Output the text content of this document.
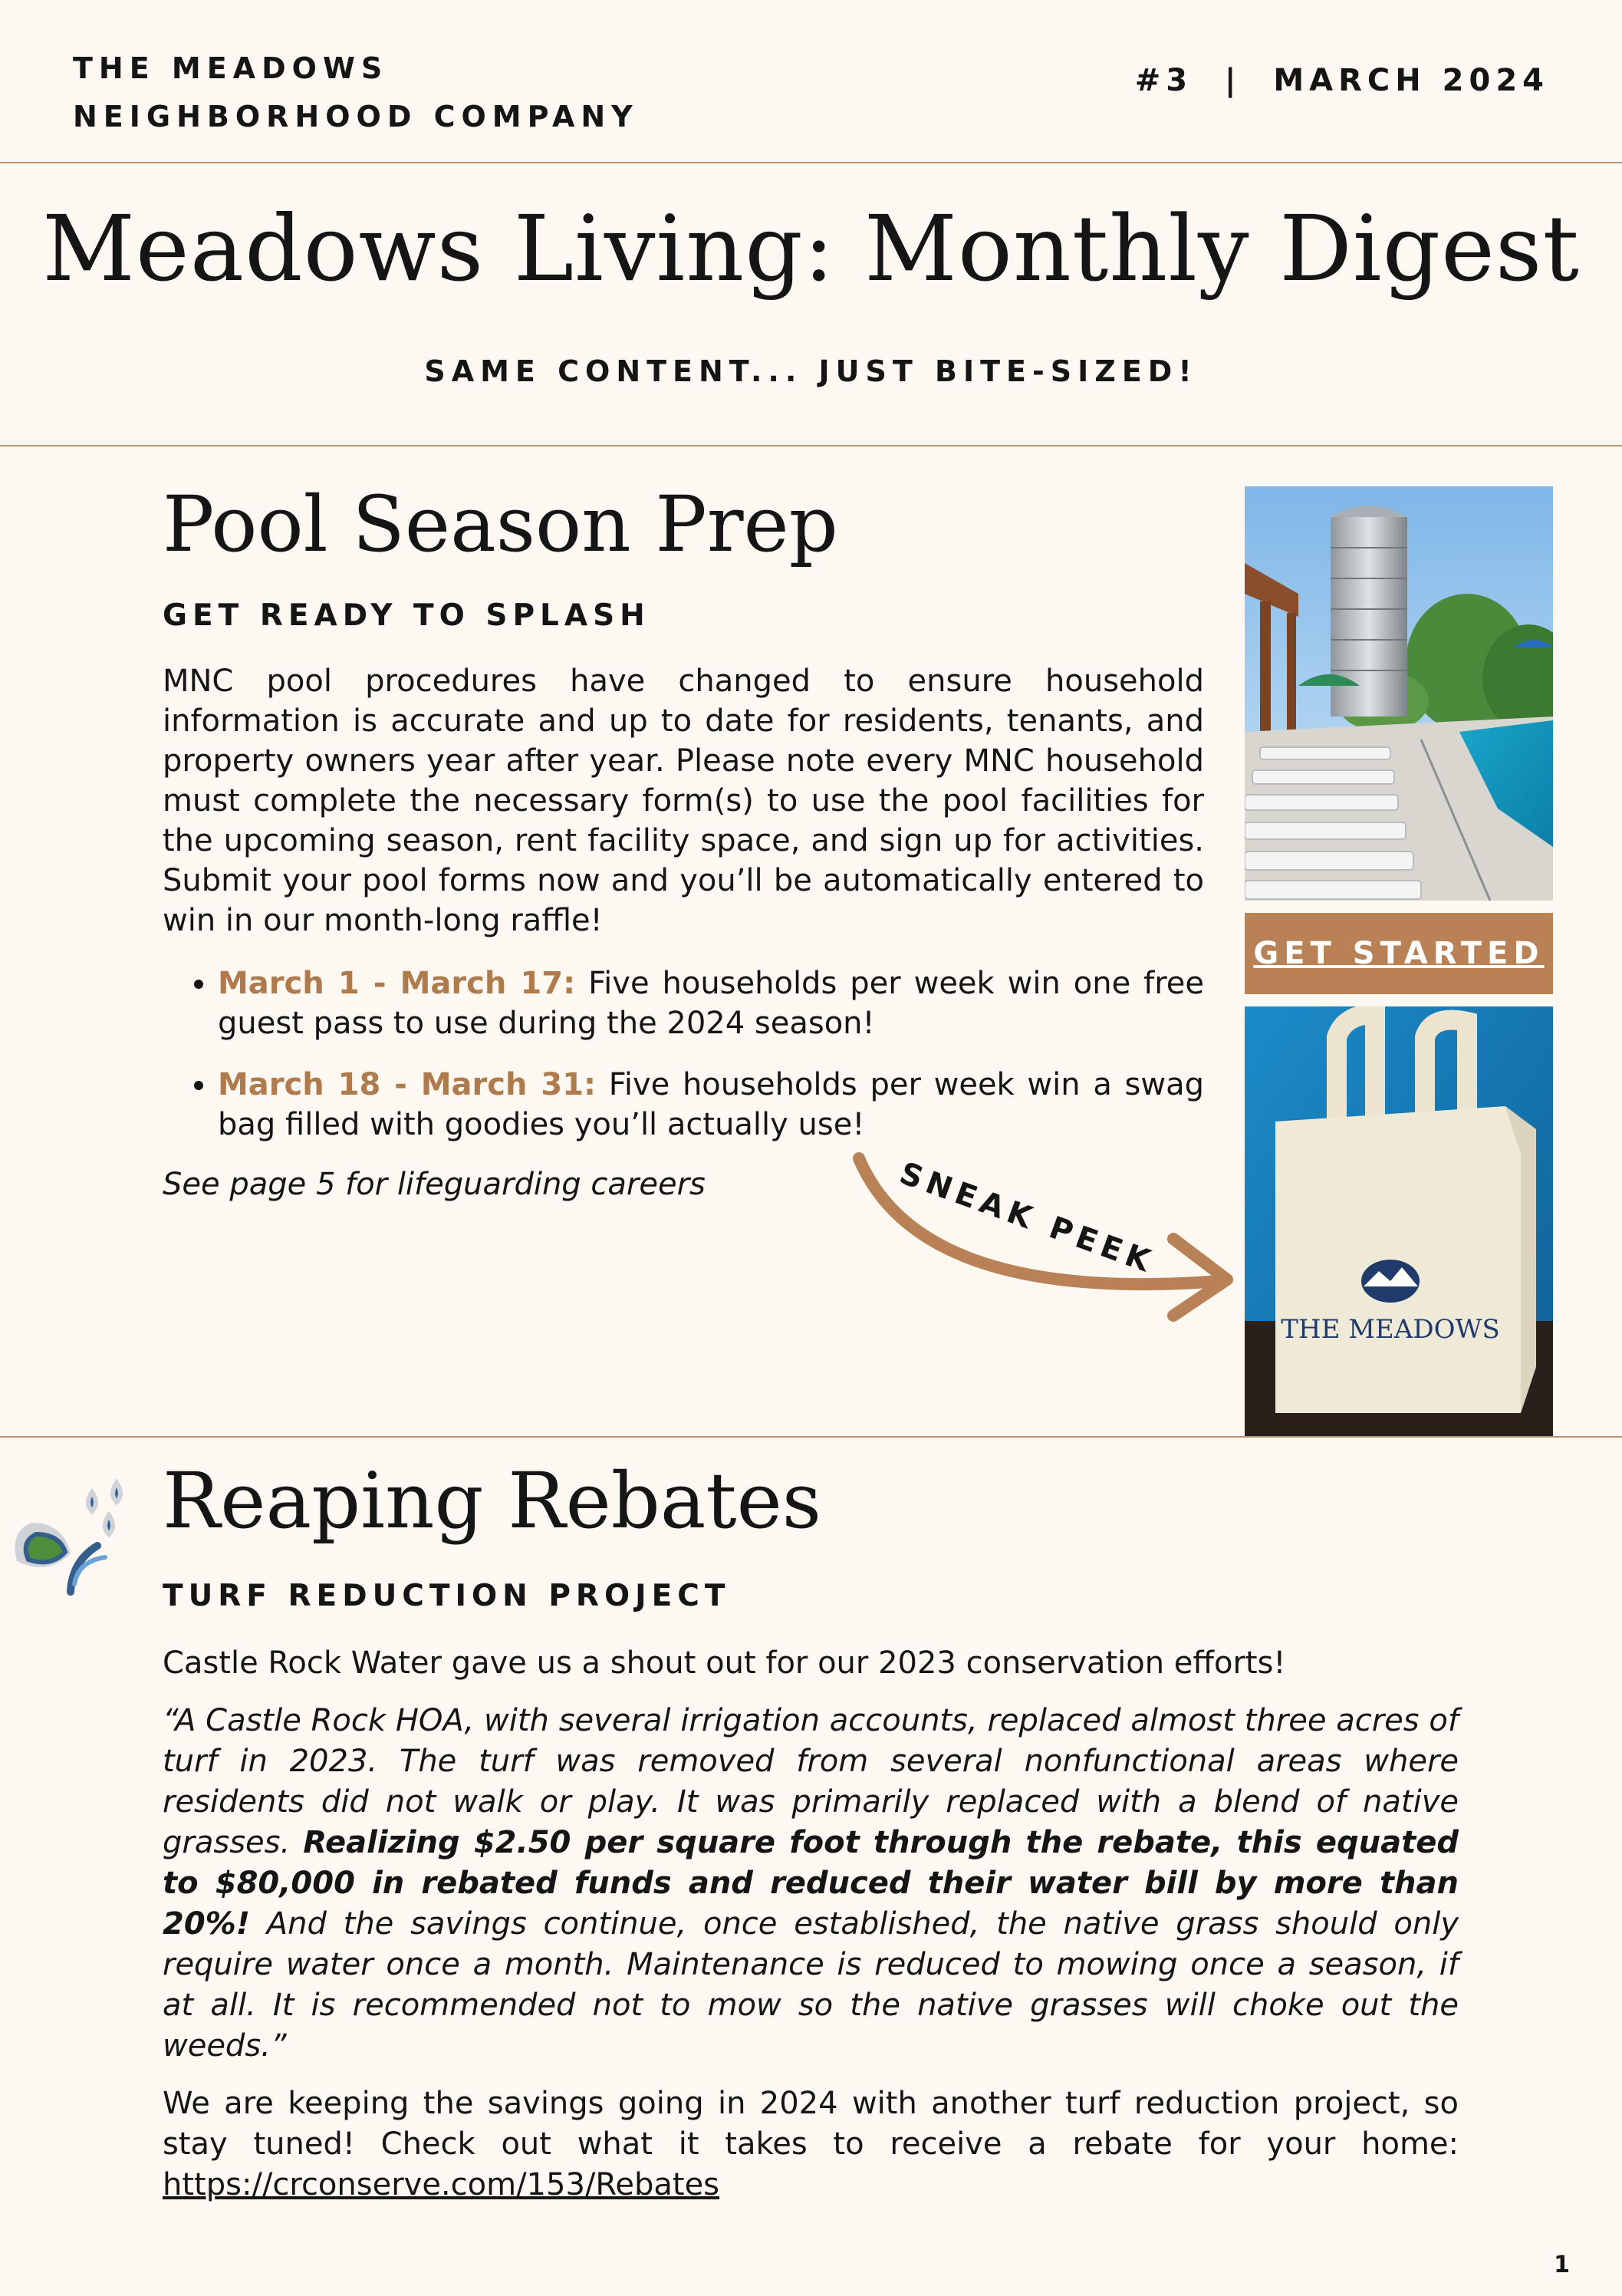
THE MEADOWS
NEIGHBORHOOD COMPANY
#3  |  MARCH 2024
Meadows Living: Monthly Digest
SAME CONTENT... JUST BITE-SIZED!
Pool Season Prep
GET READY TO SPLASH

MNC pool procedures have changed to ensure household information is accurate and up to date for residents, tenants, and property owners year after year. Please note every MNC household must complete the necessary form(s) to use the pool facilities for the upcoming season, rent facility space, and sign up for activities. Submit your pool forms now and you’ll be automatically entered to win in our month-long raffle!

• March 1 - March 17: Five households per week win one free guest pass to use during the 2024 season!
• March 18 - March 31: Five households per week win a swag bag filled with goodies you’ll actually use!

See page 5 for lifeguarding careers

GET STARTED
THE MEADOWS
SNEAK PEEK
Reaping Rebates
TURF REDUCTION PROJECT

Castle Rock Water gave us a shout out for our 2023 conservation efforts!

“A Castle Rock HOA, with several irrigation accounts, replaced almost three acres of turf in 2023. The turf was removed from several nonfunctional areas where residents did not walk or play. It was primarily replaced with a blend of native grasses. Realizing $2.50 per square foot through the rebate, this equated to $80,000 in rebated funds and reduced their water bill by more than 20%! And the savings continue, once established, the native grass should only require water once a month. Maintenance is reduced to mowing once a season, if at all. It is recommended not to mow so the native grasses will choke out the weeds.”

We are keeping the savings going in 2024 with another turf reduction project, so stay tuned! Check out what it takes to receive a rebate for your home: https://crconserve.com/153/Rebates

1
